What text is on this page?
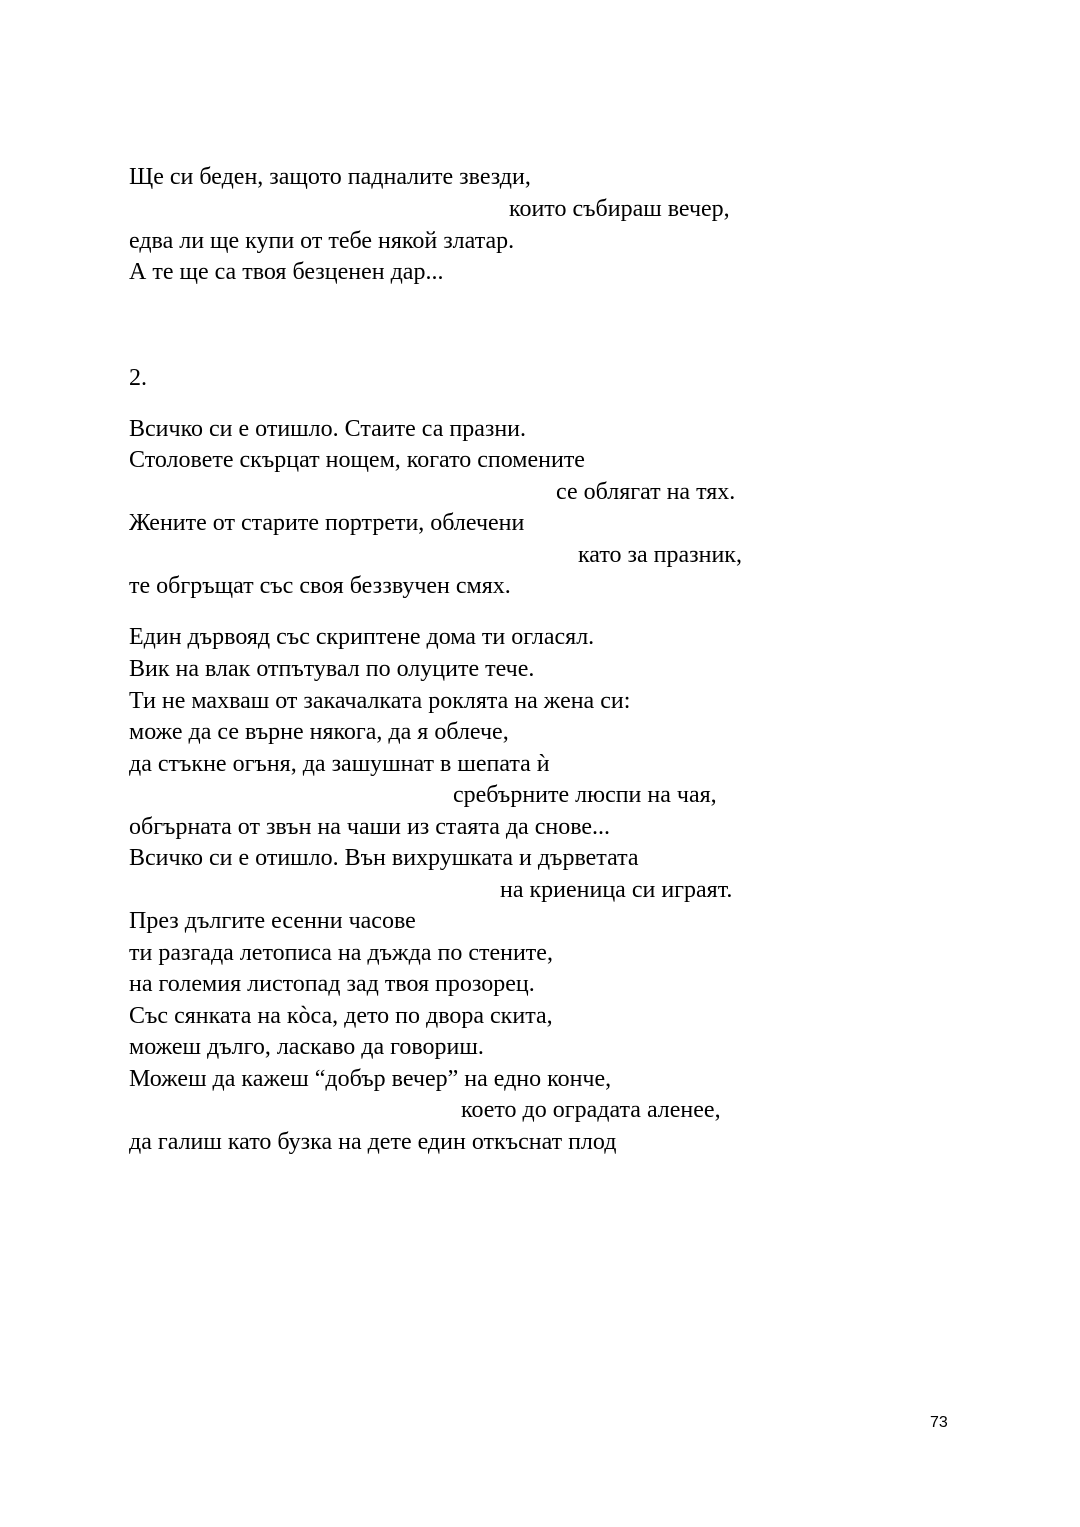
Ще си беден, защото падналите звезди,
които събираш вечер,
едва ли ще купи от тебе някой златар.
А те ще са твоя безценен дар...
2.
Всичко си е отишло. Стаите са празни.
Столовете скърцат нощем, когато спомените
се облягат на тях.
Жените от старите портрети, облечени
като за празник,
те обгръщат със своя беззвучен смях.
Един дървояд със скриптене дома ти огласял.
Вик на влак отпътувал по олуците тече.
Ти не махваш от закачалката роклята на жена си:
може да се върне някога, да я облече,
да стъкне огъня, да зашушнат в шепата ѝ
сребърните люспи на чая,
обгърната от звън на чаши из стаята да снове...
Всичко си е отишло. Вън вихрушката и дърветата
на криеница си играят.
През дългите есенни часове
ти разгада летописа на дъжда по стените,
на големия листопад зад твоя прозорец.
Със сянката на кòса, дето по двора скита,
можеш дълго, ласкаво да говориш.
Можеш да кажеш “добър вечер” на едно конче,
което до оградата аленее,
да галиш като бузка на дете един откъснат плод
73
